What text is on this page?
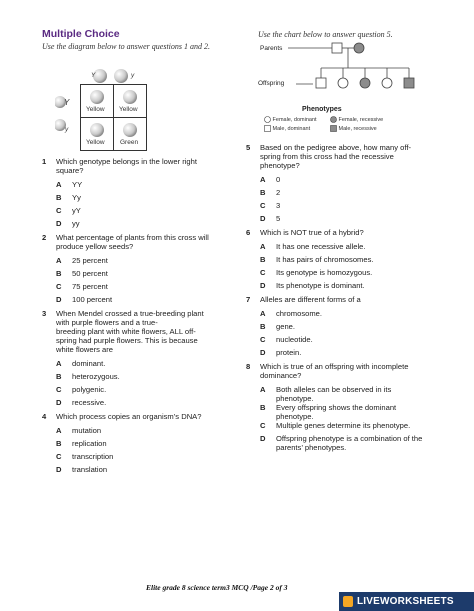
Multiple Choice
Use the diagram below to answer questions 1 and 2.
Use the chart below to answer question 5.
Y	y
Y
y
Yellow Yellow
Yellow Green
Parents
Offspring
Phenotypes
Female, dominant	Female, recessive
Male, dominant	Male, recessive
1 Which genotype belongs in the lower right
square?
A YY
B Yy
C yY
D yy
2 What percentage of plants from this cross will
produce yellow seeds?
A 25 percent
B 50 percent
C 75 percent
D 100 percent
3 When Mendel crossed a true-breeding plant
with purple flowers and a true-
breeding plant with white flowers, ALL off-
spring had purple flowers. This is because
white flowers are
A dominant.
B heterozygous.
C polygenic.
D recessive.
4 Which process copies an organism’s DNA?
A mutation
B replication
C transcription
D translation
5 Based on the pedigree above, how many off-
spring from this cross had the recessive
phenotype?
A 0
B 2
C 3
D 5
6 Which is NOT true of a hybrid?
A It has one recessive allele.
B It has pairs of chromosomes.
C Its genotype is homozygous.
D Its phenotype is dominant.
7 Alleles are different forms of a
A chromosome.
B gene.
C nucleotide.
D protein.
8 Which is true of an offspring with incomplete
dominance?
A Both alleles can be observed in its phenotype.
B Every offspring shows the dominant phenotype.
C Multiple genes determine its phenotype.
D Offspring phenotype is a combination of the parents’ phenotypes.
Elite grade 8 science term3 MCQ /Page 2 of 3
LIVEWORKSHEETS
